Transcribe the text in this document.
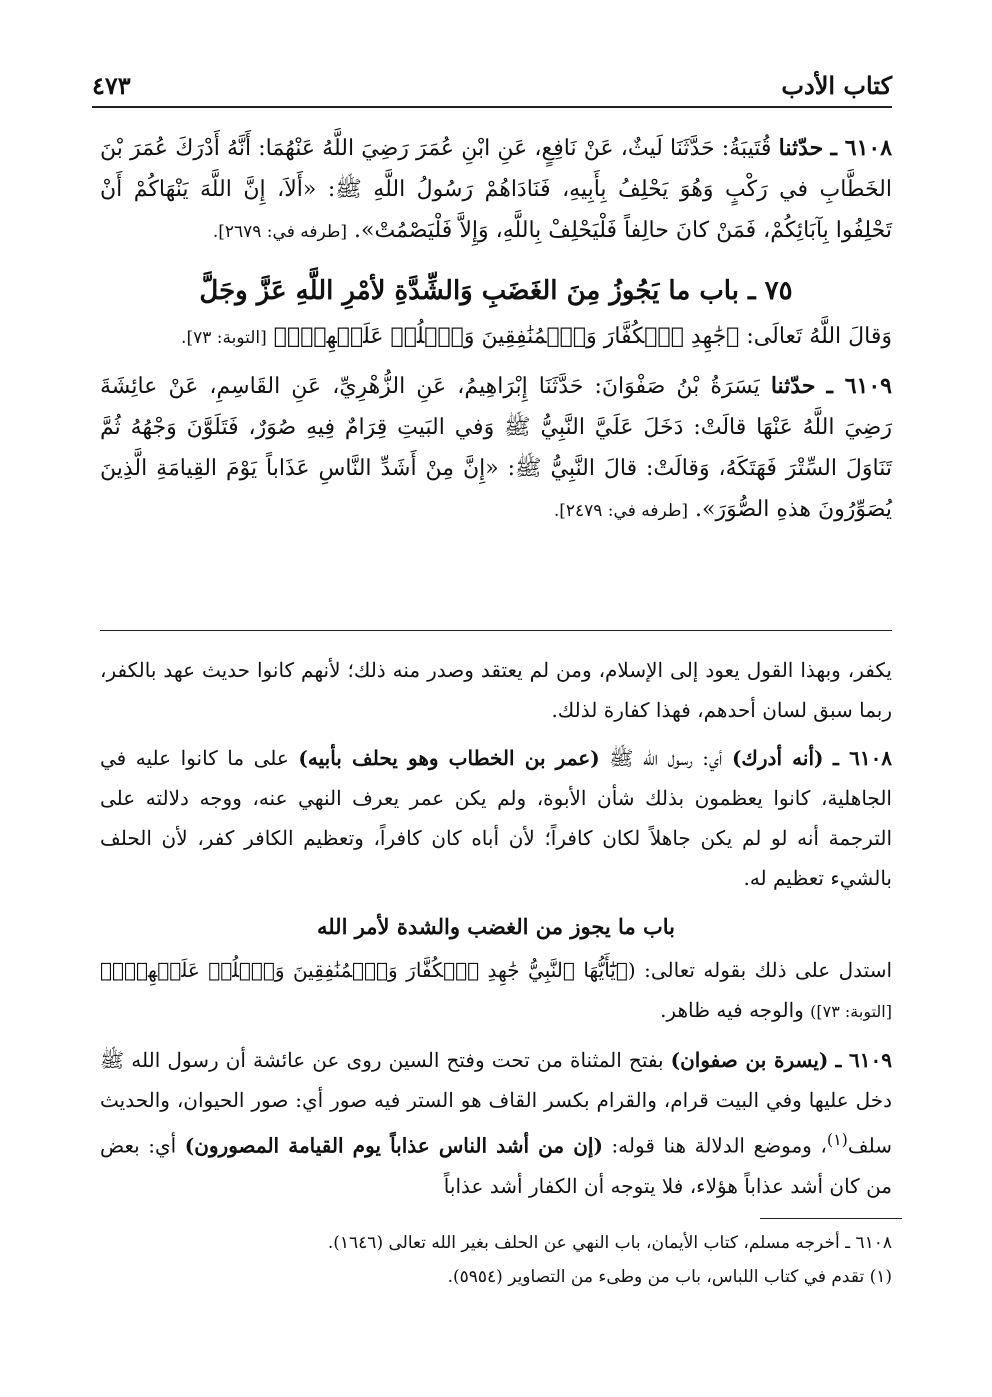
كتاب الأدب
٤٧٣

٦١٠٨ ـ حدّثنا قُتَيبَةُ: حَدَّثَنَا لَيثٌ، عَنْ نَافِعٍ، عَنِ ابْنِ عُمَرَ رَضِيَ اللَّهُ عَنْهُمَا: أَنَّهُ أَدْرَكَ عُمَرَ بْنَ الخَطَّابِ في رَكْبٍ وَهُوَ يَحْلِفُ بِأَبِيهِ، فَنَادَاهُمْ رَسُولُ اللَّهِ ﷺ: «أَلاَ، إِنَّ اللَّهَ يَنْهَاكُمْ أَنْ تَحْلِفُوا بِآبَائِكُمْ، فَمَنْ كانَ حالِفاً فَلْيَحْلِفْ بِاللَّهِ، وَإِلاَّ فَلْيَصْمُتْ». [طرفه في: ٢٦٧٩].

٧٥ ـ باب ما يَجُوزُ مِنَ الغَضَبِ وَالشِّدَّةِ لأمْرِ اللَّهِ عَزَّ وجَلَّ

وَقالَ اللَّهُ تَعالَى: ﴿جَٰهِدِ ٱلۡكُفَّارَ وَٱلۡمُنَٰفِقِينَ وَٱغۡلُظۡ عَلَيۡهِمۡۚ﴾ [التوبة: ٧٣].

٦١٠٩ ـ حدّثنا يَسَرَةُ بْنُ صَفْوَانَ: حَدَّثَنَا إِبْرَاهِيمُ، عَنِ الزُّهْرِيِّ، عَنِ القَاسِمِ، عَنْ عائِشَةَ رَضِيَ اللَّهُ عَنْهَا قالَتْ: دَخَلَ عَلَيَّ النَّبِيُّ ﷺ وَفي البَيتِ قِرَامٌ فِيهِ صُوَرٌ، فَتَلَوَّنَ وَجْهُهُ ثُمَّ تَنَاوَلَ السِّتْرَ فَهَتَكَهُ، وَقالَتْ: قالَ النَّبِيُّ ﷺ: «إِنَّ مِنْ أَشَدِّ النَّاسِ عَذَاباً يَوْمَ القِيامَةِ الَّذِينَ يُصَوِّرُونَ هذهِ الصُّوَرَ». [طرفه في: ٢٤٧٩].

يكفر، وبهذا القول يعود إلى الإسلام، ومن لم يعتقد وصدر منه ذلك؛ لأنهم كانوا حديث عهد بالكفر، ربما سبق لسان أحدهم، فهذا كفارة لذلك.

٦١٠٨ ـ (أنه أدرك) أي: رسول الله ﷺ (عمر بن الخطاب وهو يحلف بأبيه) على ما كانوا عليه في الجاهلية، كانوا يعظمون بذلك شأن الأبوة، ولم يكن عمر يعرف النهي عنه، ووجه دلالته على الترجمة أنه لو لم يكن جاهلاً لكان كافراً؛ لأن أباه كان كافراً، وتعظيم الكافر كفر، لأن الحلف بالشيء تعظيم له.

باب ما يجوز من الغضب والشدة لأمر الله

استدل على ذلك بقوله تعالى: (﴿يَٰٓأَيُّهَا ٱلنَّبِيُّ جَٰهِدِ ٱلۡكُفَّارَ وَٱلۡمُنَٰفِقِينَ وَٱغۡلُظۡ عَلَيۡهِمۡۚ﴾ [التوبة: ٧٣]) والوجه فيه ظاهر.

٦١٠٩ ـ (يسرة بن صفوان) بفتح المثناة من تحت وفتح السين روى عن عائشة أن رسول الله ﷺ دخل عليها وفي البيت قرام، والقرام بكسر القاف هو الستر فيه صور أي: صور الحيوان، والحديث سلف$^{(١)}$، وموضع الدلالة هنا قوله: (إن من أشد الناس عذاباً يوم القيامة المصورون) أي: بعض من كان أشد عذاباً هؤلاء، فلا يتوجه أن الكفار أشد عذاباً

٦١٠٨ ـ أخرجه مسلم، كتاب الأيمان، باب النهي عن الحلف بغير الله تعالى (١٦٤٦).

(١) تقدم في كتاب اللباس، باب من وطىء من التصاوير (٥٩٥٤).
